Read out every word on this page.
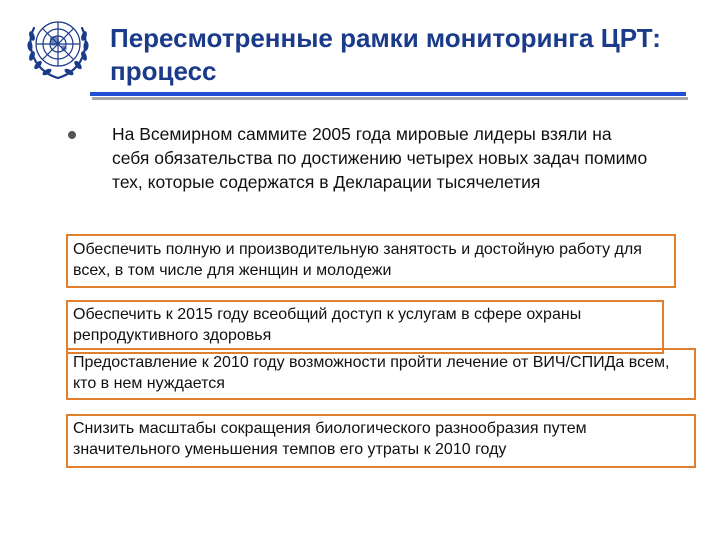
Пересмотренные рамки мониторинга ЦРТ: процесс
На Всемирном саммите 2005 года мировые лидеры взяли на себя обязательства по достижению четырех новых задач помимо тех, которые содержатся в Декларации тысячелетия
Обеспечить полную и производительную занятость и достойную работу для всех, в том числе для женщин и молодежи
Обеспечить к 2015 году всеобщий доступ к услугам в сфере охраны репродуктивного здоровья
Предоставление к 2010 году возможности пройти лечение от ВИЧ/СПИДа всем, кто в нем нуждается
Снизить масштабы сокращения биологического разнообразия путем значительного уменьшения темпов его утраты к 2010 году
